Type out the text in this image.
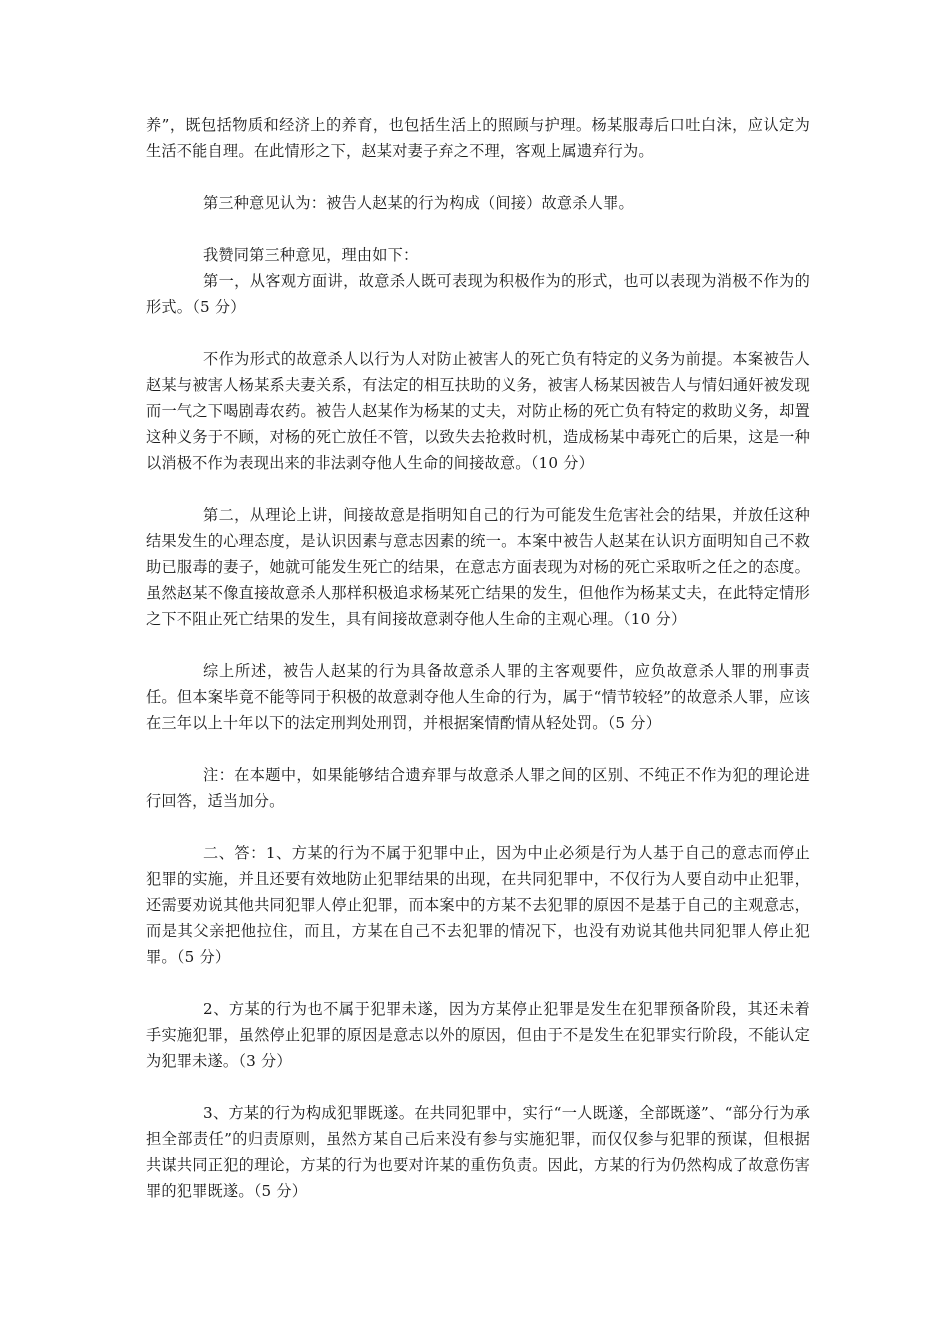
养”，既包括物质和经济上的养育，也包括生活上的照顾与护理。杨某服毒后口吐白沫，应认定为生活不能自理。在此情形之下，赵某对妻子弃之不理，客观上属遗弃行为。

第三种意见认为：被告人赵某的行为构成（间接）故意杀人罪。

我赞同第三种意见，理由如下：

第一，从客观方面讲，故意杀人既可表现为积极作为的形式，也可以表现为消极不作为的形式。（5 分）

不作为形式的故意杀人以行为人对防止被害人的死亡负有特定的义务为前提。本案被告人赵某与被害人杨某系夫妻关系，有法定的相互扶助的义务，被害人杨某因被告人与情妇通奸被发现而一气之下喝剧毒农药。被告人赵某作为杨某的丈夫，对防止杨的死亡负有特定的救助义务，却置这种义务于不顾，对杨的死亡放任不管，以致失去抢救时机，造成杨某中毒死亡的后果，这是一种以消极不作为表现出来的非法剥夺他人生命的间接故意。（10 分）

第二，从理论上讲，间接故意是指明知自己的行为可能发生危害社会的结果，并放任这种结果发生的心理态度，是认识因素与意志因素的统一。本案中被告人赵某在认识方面明知自己不救助已服毒的妻子，她就可能发生死亡的结果，在意志方面表现为对杨的死亡采取听之任之的态度。虽然赵某不像直接故意杀人那样积极追求杨某死亡结果的发生，但他作为杨某丈夫，在此特定情形之下不阻止死亡结果的发生，具有间接故意剥夺他人生命的主观心理。（10 分）

综上所述，被告人赵某的行为具备故意杀人罪的主客观要件，应负故意杀人罪的刑事责任。但本案毕竟不能等同于积极的故意剥夺他人生命的行为，属于“情节较轻”的故意杀人罪，应该在三年以上十年以下的法定刑判处刑罚，并根据案情酌情从轻处罚。（5 分）

注：在本题中，如果能够结合遗弃罪与故意杀人罪之间的区别、不纯正不作为犯的理论进行回答，适当加分。

二、答：1、方某的行为不属于犯罪中止，因为中止必须是行为人基于自己的意志而停止犯罪的实施，并且还要有效地防止犯罪结果的出现，在共同犯罪中，不仅行为人要自动中止犯罪，还需要劝说其他共同犯罪人停止犯罪，而本案中的方某不去犯罪的原因不是基于自己的主观意志，而是其父亲把他拉住，而且，方某在自己不去犯罪的情况下，也没有劝说其他共同犯罪人停止犯罪。（5 分）

2、方某的行为也不属于犯罪未遂，因为方某停止犯罪是发生在犯罪预备阶段，其还未着手实施犯罪，虽然停止犯罪的原因是意志以外的原因，但由于不是发生在犯罪实行阶段，不能认定为犯罪未遂。（3 分）

3、方某的行为构成犯罪既遂。在共同犯罪中，实行“一人既遂，全部既遂”、“部分行为承担全部责任”的归责原则，虽然方某自己后来没有参与实施犯罪，而仅仅参与犯罪的预谋，但根据共谋共同正犯的理论，方某的行为也要对许某的重伤负责。因此，方某的行为仍然构成了故意伤害罪的犯罪既遂。（5 分）
